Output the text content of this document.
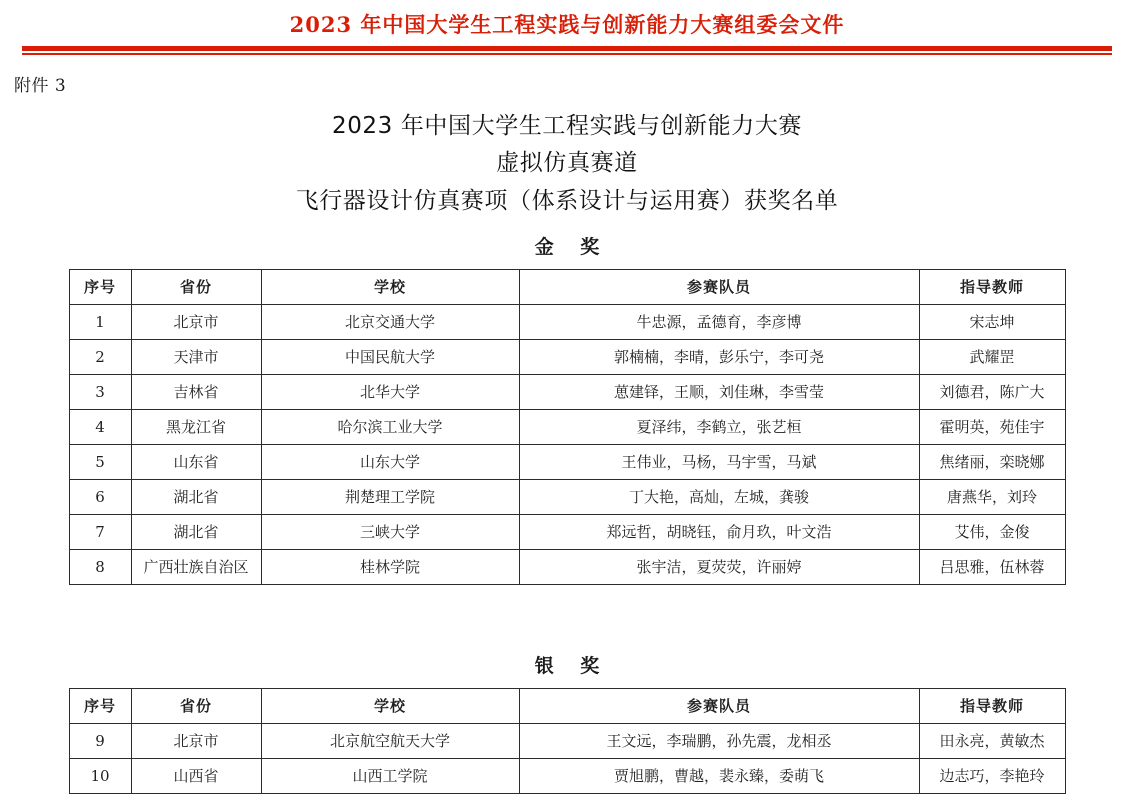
2023 年中国大学生工程实践与创新能力大赛组委会文件
附件 3
2023 年中国大学生工程实践与创新能力大赛
虚拟仿真赛道
飞行器设计仿真赛项（体系设计与运用赛）获奖名单
金 奖
序号	省份	学校	参赛队员	指导教师
1	北京市	北京交通大学	牛忠源，孟德育，李彦博	宋志坤
2	天津市	中国民航大学	郭楠楠，李晴，彭乐宁，李可尧	武耀罡
3	吉林省	北华大学	葸建铎，王顺，刘佳琳，李雪莹	刘德君，陈广大
4	黑龙江省	哈尔滨工业大学	夏泽纬，李鹤立，张艺桓	霍明英，苑佳宇
5	山东省	山东大学	王伟业，马杨，马宇雪，马斌	焦绪丽，栾晓娜
6	湖北省	荆楚理工学院	丁大艳，高灿，左城，龚骏	唐燕华，刘玲
7	湖北省	三峡大学	郑远哲，胡晓钰，俞月玖，叶文浩	艾伟，金俊
8	广西壮族自治区	桂林学院	张宇洁，夏荧荧，许丽婷	吕思雅，伍林蓉
银 奖
序号	省份	学校	参赛队员	指导教师
9	北京市	北京航空航天大学	王文远，李瑞鹏，孙先震，龙相丞	田永亮，黄敏杰
10	山西省	山西工学院	贾旭鹏，曹越，裴永臻，委萌飞	边志巧，李艳玲
